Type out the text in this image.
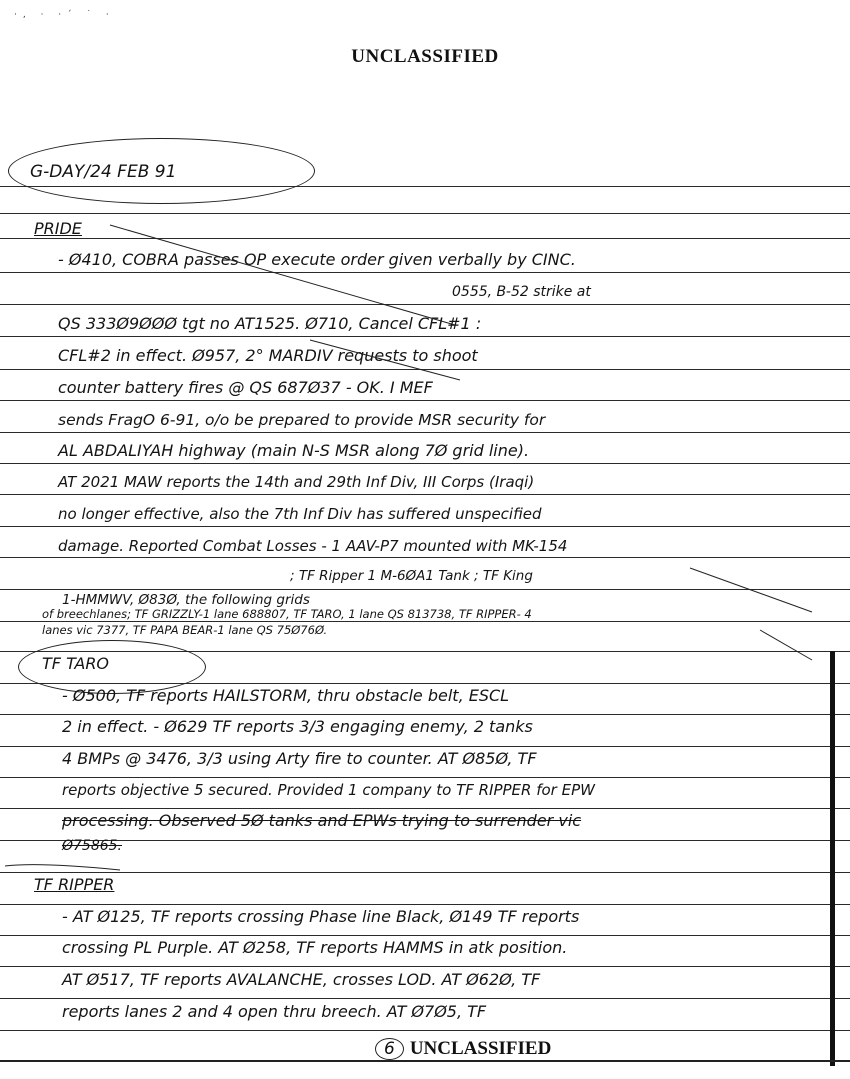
·, · ·´ ˙ ·
UNCLASSIFIED
G-DAY/24 FEB 91
PRIDE
- Ø410, COBRA passes OP execute order given verbally by CINC.
0555, B-52 strike at
QS 333Ø9ØØØ tgt no AT1525. Ø710, Cancel CFL#1 :
CFL#2 in effect. Ø957, 2° MARDIV requests to shoot
counter battery fires @ QS 687Ø37 - OK. I MEF
sends FragO 6-91, o/o be prepared to provide MSR security for
AL ABDALIYAH highway (main N-S MSR along 7Ø grid line).
AT 2021 MAW reports the 14th and 29th Inf Div, III Corps (Iraqi)
no longer effective, also the 7th Inf Div has suffered unspecified
damage. Reported Combat Losses - 1 AAV-P7 mounted with MK-154
; TF Ripper 1 M-6ØA1 Tank ; TF King
1-HMMWV, Ø83Ø, the following grids
of breechlanes; TF GRIZZLY-1 lane 688807, TF TARO, 1 lane QS 813738, TF RIPPER- 4
lanes vic 7377, TF PAPA BEAR-1 lane QS 75Ø76Ø.
TF TARO
- Ø500, TF reports HAILSTORM, thru obstacle belt, ESCL
2 in effect. - Ø629 TF reports 3/3 engaging enemy, 2 tanks
4 BMPs @ 3476, 3/3 using Arty fire to counter. AT Ø85Ø, TF
reports objective 5 secured. Provided 1 company to TF RIPPER for EPW
processing. Observed 5Ø tanks and EPWs trying to surrender vic
Ø75865.
TF RIPPER
- AT Ø125, TF reports crossing Phase line Black, Ø149 TF reports
crossing PL Purple. AT Ø258, TF reports HAMMS in atk position.
AT Ø517, TF reports AVALANCHE, crosses LOD. AT Ø62Ø, TF
reports lanes 2 and 4 open thru breech. AT Ø7Ø5, TF
6 UNCLASSIFIED
